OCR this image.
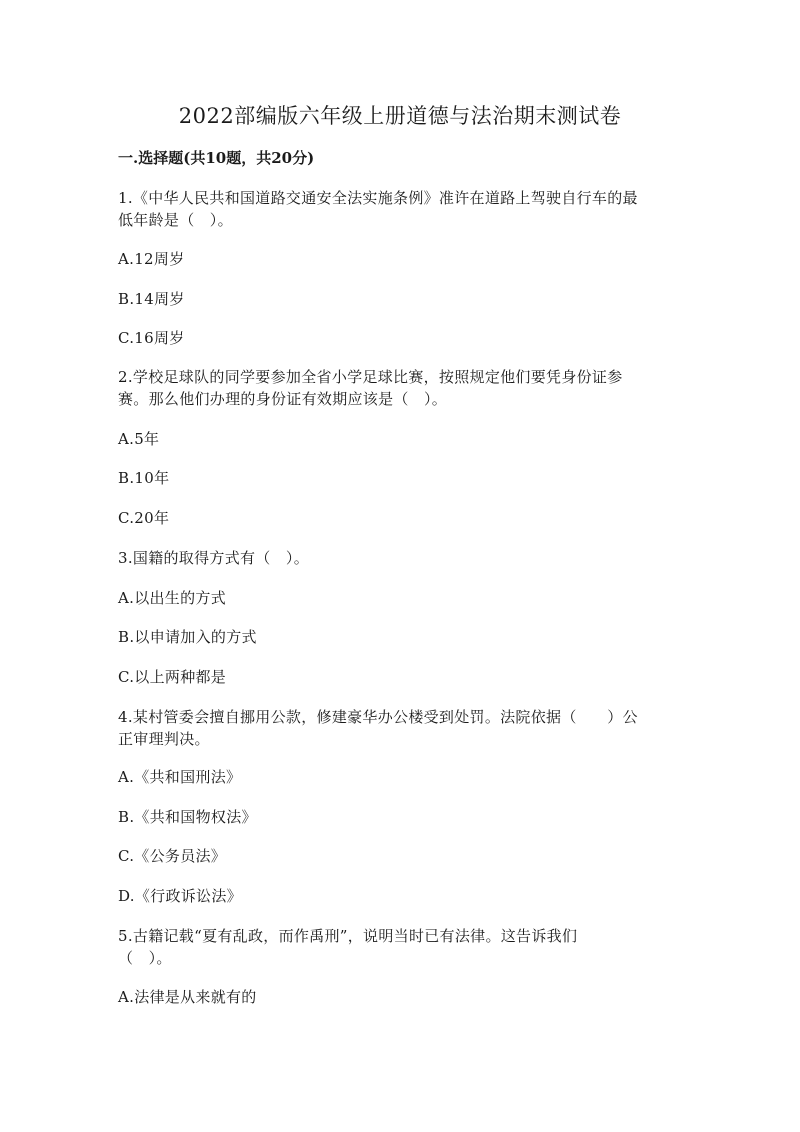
2022部编版六年级上册道德与法治期末测试卷
一.选择题(共10题，共20分)
1.《中华人民共和国道路交通安全法实施条例》准许在道路上驾驶自行车的最
低年龄是（　）。
A.12周岁
B.14周岁
C.16周岁
2.学校足球队的同学要参加全省小学足球比赛，按照规定他们要凭身份证参
赛。那么他们办理的身份证有效期应该是（　）。
A.5年
B.10年
C.20年
3.国籍的取得方式有（　）。
A.以出生的方式
B.以申请加入的方式
C.以上两种都是
4.某村管委会擅自挪用公款，修建豪华办公楼受到处罚。法院依据（　　）公
正审理判决。
A.《共和国刑法》
B.《共和国物权法》
C.《公务员法》
D.《行政诉讼法》
5.古籍记载“夏有乱政，而作禹刑”，说明当时已有法律。这告诉我们
（　）。
A.法律是从来就有的
